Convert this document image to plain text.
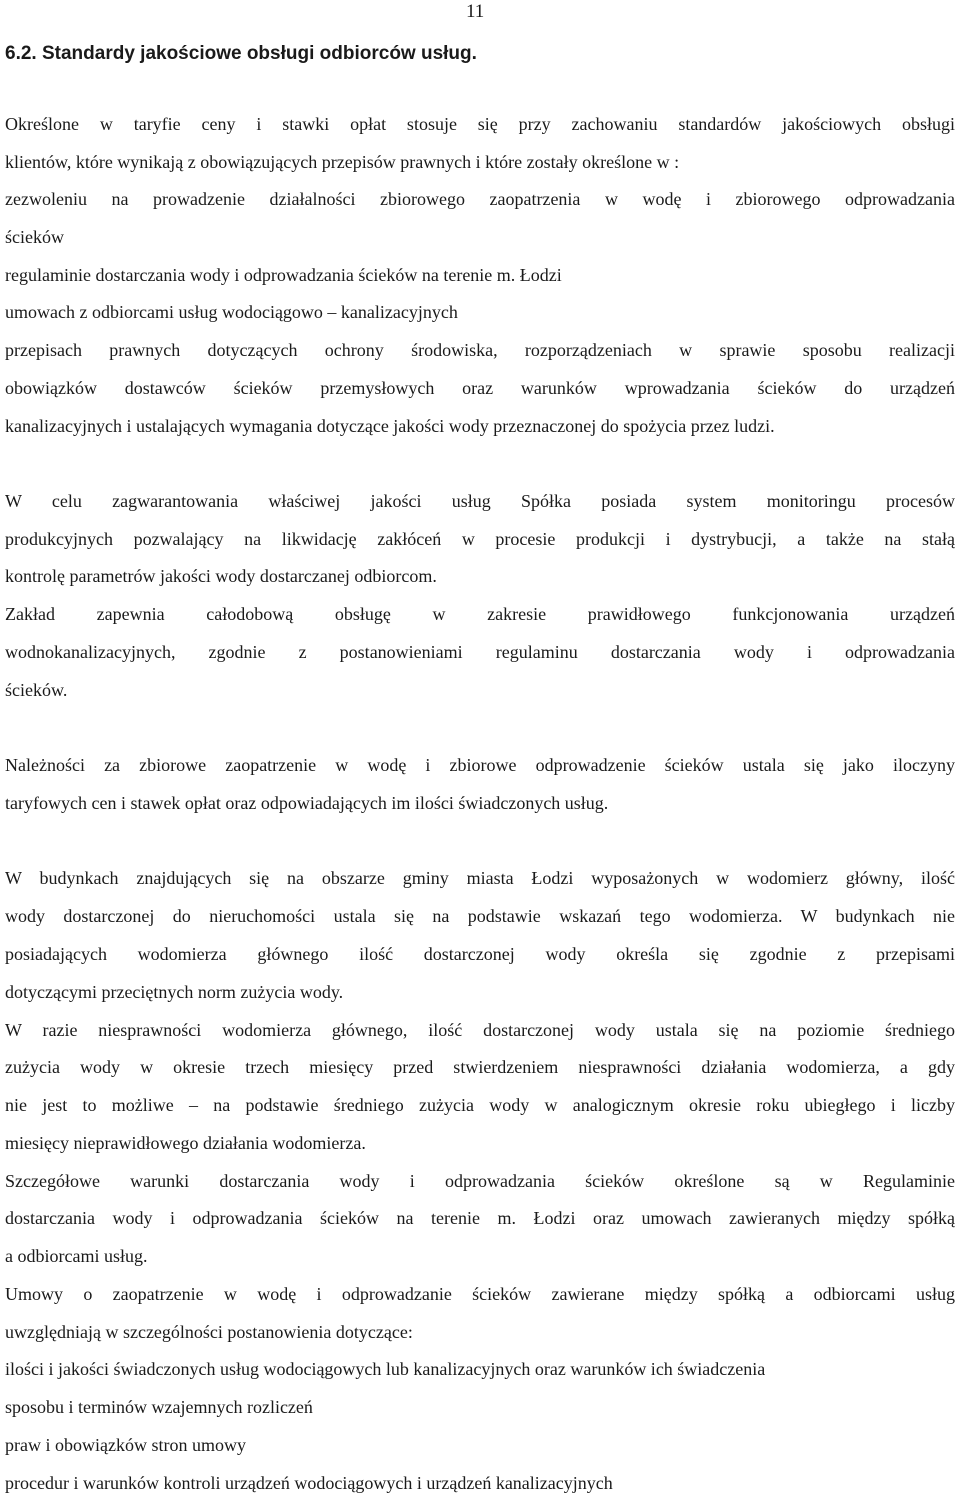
11
6.2. Standardy jakościowe obsługi odbiorców usług.
Określone w taryfie ceny i stawki opłat stosuje się przy zachowaniu standardów jakościowych obsługi
klientów, które wynikają z obowiązujących przepisów prawnych i które zostały określone w :
zezwoleniu na prowadzenie działalności zbiorowego zaopatrzenia w wodę i zbiorowego odprowadzania
ścieków
regulaminie dostarczania wody i odprowadzania ścieków na terenie m. Łodzi
umowach z odbiorcami usług wodociągowo – kanalizacyjnych
przepisach prawnych dotyczących ochrony środowiska, rozporządzeniach w sprawie sposobu realizacji
obowiązków dostawców ścieków przemysłowych oraz warunków wprowadzania ścieków do urządzeń
kanalizacyjnych i ustalających wymagania dotyczące jakości wody przeznaczonej do spożycia przez ludzi.
W celu zagwarantowania właściwej jakości usług Spółka posiada system monitoringu procesów
produkcyjnych pozwalający na likwidację zakłóceń w procesie produkcji i dystrybucji, a także na stałą
kontrolę parametrów jakości wody dostarczanej odbiorcom.
Zakład zapewnia całodobową obsługę w zakresie prawidłowego funkcjonowania urządzeń
wodnokanalizacyjnych, zgodnie z postanowieniami regulaminu dostarczania wody i odprowadzania
ścieków.
Należności za zbiorowe zaopatrzenie w wodę i zbiorowe odprowadzenie ścieków ustala się jako iloczyny
taryfowych cen i stawek opłat oraz odpowiadających im ilości świadczonych usług.
W budynkach znajdujących się na obszarze gminy miasta Łodzi wyposażonych w wodomierz główny, ilość
wody dostarczonej do nieruchomości ustala się na podstawie wskazań tego wodomierza. W budynkach nie
posiadających wodomierza głównego ilość dostarczonej wody określa się zgodnie z przepisami
dotyczącymi przeciętnych norm zużycia wody.
W razie niesprawności wodomierza głównego, ilość dostarczonej wody ustala się na poziomie średniego
zużycia wody w okresie trzech miesięcy przed stwierdzeniem niesprawności działania wodomierza, a gdy
nie jest to możliwe – na podstawie średniego zużycia wody w analogicznym okresie roku ubiegłego i liczby
miesięcy nieprawidłowego działania wodomierza.
Szczegółowe warunki dostarczania wody i odprowadzania ścieków określone są w Regulaminie
dostarczania wody i odprowadzania ścieków na terenie m. Łodzi oraz umowach zawieranych między spółką
a odbiorcami usług.
Umowy o zaopatrzenie w wodę i odprowadzanie ścieków zawierane między spółką a odbiorcami usług
uwzględniają w szczególności postanowienia dotyczące:
ilości i jakości świadczonych usług wodociągowych lub kanalizacyjnych oraz warunków ich świadczenia
sposobu i terminów wzajemnych rozliczeń
praw i obowiązków stron umowy
procedur i warunków kontroli urządzeń wodociągowych i urządzeń kanalizacyjnych
